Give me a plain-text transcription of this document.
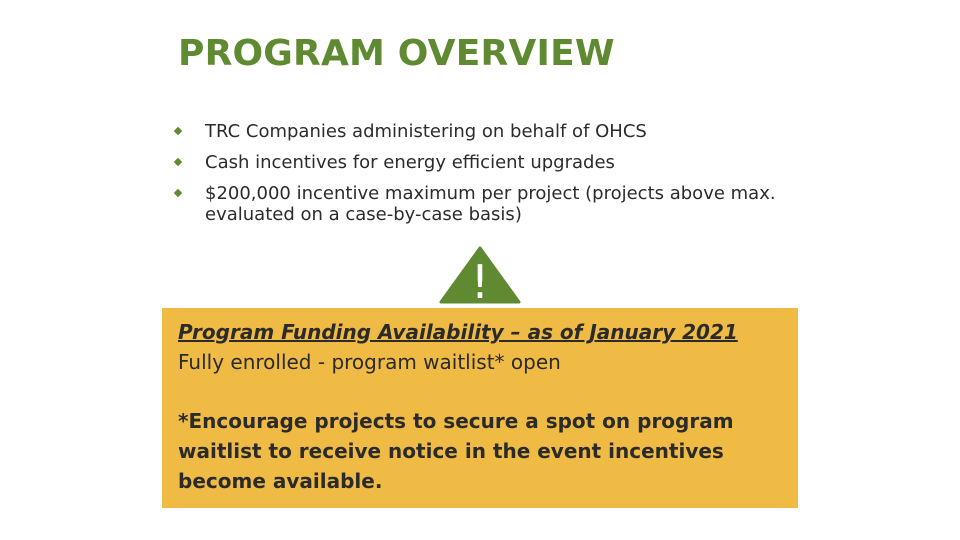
PROGRAM OVERVIEW
TRC Companies administering on behalf of OHCS
Cash incentives for energy efficient upgrades
$200,000 incentive maximum per project (projects above max. evaluated on a case-by-case basis)
!
Program Funding Availability – as of January 2021
Fully enrolled - program waitlist* open
*Encourage projects to secure a spot on program waitlist to receive notice in the event incentives become available.
